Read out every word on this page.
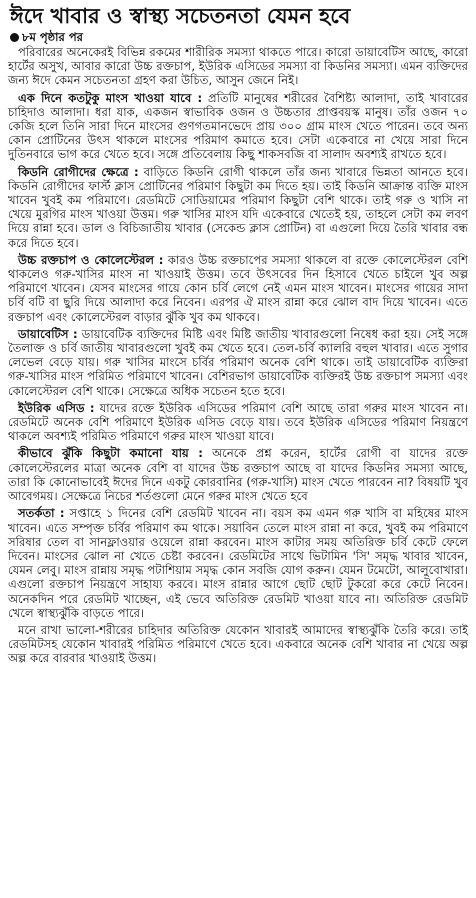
ঈদে খাবার ও স্বাস্থ্য সচেতনতা যেমন হবে
৮ম পৃষ্ঠার পর

পরিবারের অনেকেরই বিভিন্ন রকমের শারীরিক সমস্যা থাকতে পারে। কারো ডায়াবেটিস আছে, কারো হার্টের অসুখ, আবার কারো উচ্চ রক্তচাপ, ইউরিক এসিডের সমস্যা বা কিডনির সমস্যা। এমন ব্যক্তিদের জন্য ঈদে কেমন সচেতনতা গ্রহণ করা উচিত, আসুন জেনে নিই।

এক দিনে কতটুকু মাংস খাওয়া যাবে : প্রতিটি মানুষের শরীরের বৈশিষ্ট্য আলাদা, তাই খাবারের চাহিদাও আলাদা। ধরা যাক, একজন স্বাভাবিক ওজন ও উচ্চতার প্রাপ্তবয়স্ক মানুষ। তাঁর ওজন ৭০ কেজি হলে তিনি সারা দিনে মাংসের গুণগতমানভেদে প্রায় ৩০০ গ্রাম মাংস খেতে পারেন। তবে অন্য কোন প্রোটিনের উৎস থাকলে মাংসের পরিমাণ কমাতে হবে। সেটা একেবারে না খেয়ে সারা দিনে দুতিনবারে ভাগ করে খেতে হবে। সঙ্গে প্রতিবেলায় কিছু শাকসবজি বা সালাদ অবশ্যই রাখতে হবে।

কিডনি রোগীদের ক্ষেত্রে : বাড়িতে কিডনি রোগী থাকলে তাঁর জন্য খাবারে ভিন্নতা আনতে হবে। কিডনি রোগীদের ফার্স্ট ক্লাস প্রোটিনের পরিমাণ কিছুটা কম দিতে হয়। তাই কিডনি আক্রান্ত ব্যক্তি মাংস খাবেন খুবই কম পরিমাণে। রেডমিটে সোডিয়ামের পরিমাণ কিছুটা বেশি থাকে। তাই গরু ও খাসি না খেয়ে মুরগির মাংস খাওয়া উত্তম। গরু খাসির মাংস যদি একেবারে খেতেই হয়, তাহলে সেটা কম লবণ দিয়ে রান্না হবে। ডাল ও বিচিজাতীয় খাবার (সেকেন্ড ক্লাস প্রোটিন) বা এগুলো দিয়ে তৈরি খাবার বন্ধ করে দিতে হবে।

উচ্চ রক্তচাপ ও কোলেস্টেরল : কারও উচ্চ রক্তচাপের সমস্যা থাকলে বা রক্তে কোলেস্টেরল বেশি থাকলেও গরু-খাসির মাংস না খাওয়াই উত্তম। তবে উৎসবের দিন হিসাবে খেতে চাইলে খুব অল্প পরিমাণে খাবেন। যেসব মাংসের গায়ে কোন চর্বি লেগে নেই এমন মাংস খাবেন। মাংসের গায়ের সাদা চর্বি বটি বা ছুরি দিয়ে আলাদা করে নিবেন। এরপর ঐ মাংস রান্না করে ঝোল বাদ দিয়ে খাবেন। এতে রক্তচাপ এবং কোলেস্টেরল বাড়ার ঝুঁকি খুব কম থাকবে।

ডায়াবেটিস : ডায়াবেটিক ব্যক্তিদের মিষ্টি এবং মিষ্টি জাতীয় খাবারগুলো নিষেধ করা হয়। সেই সঙ্গে তৈলাক্ত ও চর্বি জাতীয় খাবারগুলো খুবই কম খেতে হবে। তেল-চর্বি ক্যালরি বহুল খাবার। এতে সুগার লেভেল বেড়ে যায়। গরু খাসির মাংসে চর্বির পরিমাণ অনেক বেশি থাকে। তাই ডায়াবেটিক ব্যক্তিরা গরু-খাসির মাংস পরিমিত পরিমাণে খাবেন। বেশিরভাগ ডায়াবেটিক ব্যক্তিরই উচ্চ রক্তচাপ সমস্যা এবং কোলেস্টেরল বেশি থাকে। সেক্ষেত্রে অধিক সচেতন হতে হবে।

ইউরিক এসিড : যাদের রক্তে ইউরিক এসিডের পরিমাণ বেশি আছে তারা গরুর মাংস খাবেন না। রেডমিটে অনেক বেশি পরিমাণে ইউরিক এসিড বেড়ে যায়। তবে ইউরিক এসিডের পরিমাণ নিয়ন্ত্রণে থাকলে অবশ্যই পরিমিত পরিমাণে গরুর মাংস খাওয়া যাবে।

কীভাবে ঝুঁকি কিছুটা কমানো যায় : অনেকে প্রশ্ন করেন, হার্টের রোগী বা যাদের রক্তে কোলেস্টেরলের মাত্রা অনেক বেশি বা যাদের উচ্চ রক্তচাপ আছে বা যাদের কিডনির সমস্যা আছে, তারা কি কোনোভাবেই ঈদের দিনে একটু কোরবানির (গরু-খাসি) মাংস খেতে পারবেন না? বিষয়টি খুব আবেগময়। সেক্ষেত্রে নিচের শর্তগুলো মেনে গরুর মাংস খেতে হবে

সতর্কতা : সপ্তাহে ১ দিনের বেশি রেডমিট খাবেন না। বয়স কম এমন গরু খাসি বা মহিষের মাংস খাবেন। এতে সম্পৃক্ত চর্বির পরিমাণ কম থাকে। সয়াবিন তেলে মাংস রান্না না করে, খুবই কম পরিমাণে সরিষার তেল বা সানফ্লাওয়ার ওয়েলে রান্না করবেন। মাংস কাটার সময় অতিরিক্ত চর্বি কেটে ফেলে দিবেন। মাংসের ঝোল না খেতে চেষ্টা করবেন। রেডমিটের সাথে ভিটামিন 'সি' সমৃদ্ধ খাবার খাবেন, যেমন লেবু। মাংস রান্নায় সমৃদ্ধ পটাশিয়াম সমৃদ্ধ কোন সবজি যোগ করুন। যেমন টমেটো, আলুবোখারা। এগুলো রক্তচাপ নিয়ন্ত্রণে সাহায্য করবে। মাংস রান্নার আগে ছোট ছোট টুকরো করে কেটে নিবেন। অনেকদিন পরে রেডমিট খাচ্ছেন, এই ভেবে অতিরিক্ত রেডমিট খাওয়া যাবে না। অতিরিক্ত রেডমিট খেলে স্বাস্থ্যঝুঁকি বাড়তে পারে।

মনে রাখা ভালো-শরীরের চাহিদার অতিরিক্ত যেকোন খাবারই আমাদের স্বাস্থ্যঝুঁকি তৈরি করে। তাই রেডমিটসহ যেকোন খাবারই পরিমিত পরিমাণে খেতে হবে। একবারে অনেক বেশি খাবার না খেয়ে অল্প অল্প করে বারবার খাওয়াই উত্তম।
